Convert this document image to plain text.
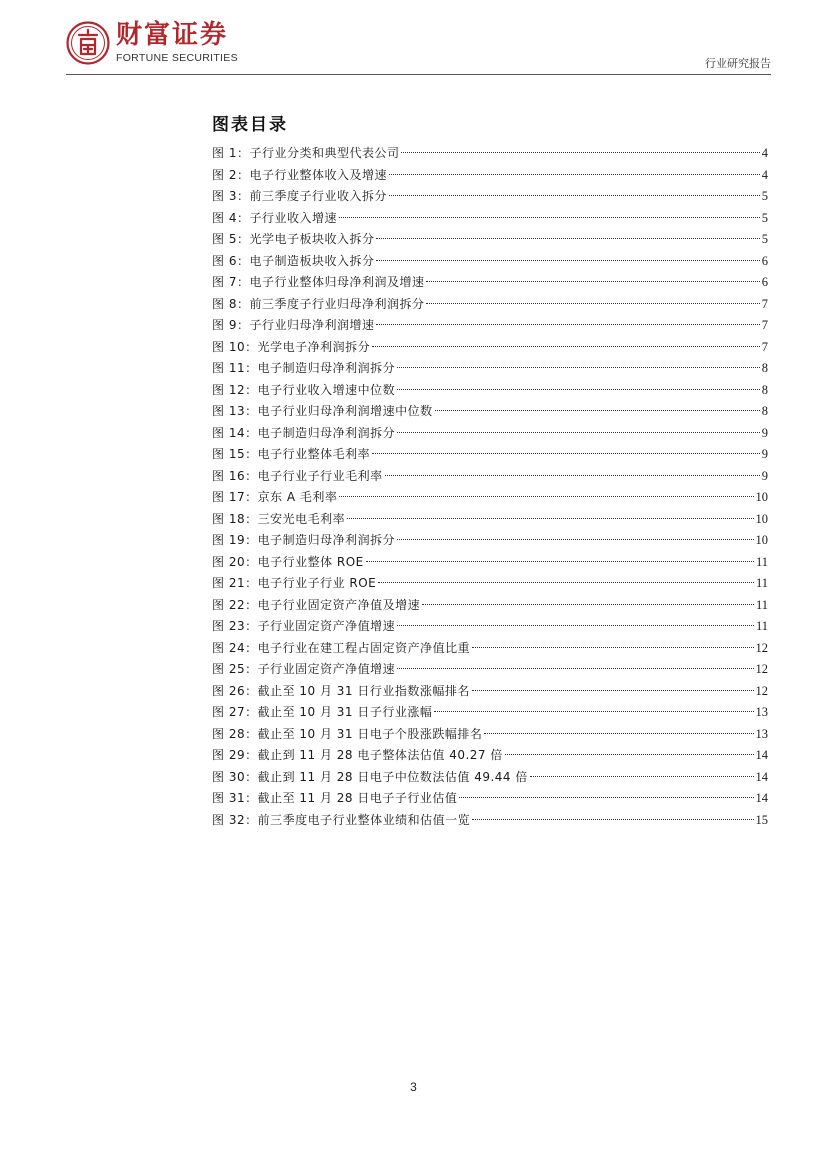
财富证券
FORTUNE SECURITIES	行业研究报告
图表目录
图 1：子行业分类和典型代表公司	4
图 2：电子行业整体收入及增速	4
图 3：前三季度子行业收入拆分	5
图 4：子行业收入增速	5
图 5：光学电子板块收入拆分	5
图 6：电子制造板块收入拆分	6
图 7：电子行业整体归母净利润及增速	6
图 8：前三季度子行业归母净利润拆分	7
图 9：子行业归母净利润增速	7
图 10：光学电子净利润拆分	7
图 11：电子制造归母净利润拆分	8
图 12：电子行业收入增速中位数	8
图 13：电子行业归母净利润增速中位数	8
图 14：电子制造归母净利润拆分	9
图 15：电子行业整体毛利率	9
图 16：电子行业子行业毛利率	9
图 17：京东 A 毛利率	10
图 18：三安光电毛利率	10
图 19：电子制造归母净利润拆分	10
图 20：电子行业整体 ROE	11
图 21：电子行业子行业 ROE	11
图 22：电子行业固定资产净值及增速	11
图 23：子行业固定资产净值增速	11
图 24：电子行业在建工程占固定资产净值比重	12
图 25：子行业固定资产净值增速	12
图 26：截止至 10 月 31 日行业指数涨幅排名	12
图 27：截止至 10 月 31 日子行业涨幅	13
图 28：截止至 10 月 31 日电子个股涨跌幅排名	13
图 29：截止到 11 月 28 电子整体法估值 40.27 倍	14
图 30：截止到 11 月 28 日电子中位数法估值 49.44 倍	14
图 31：截止至 11 月 28 日电子子行业估值	14
图 32：前三季度电子行业整体业绩和估值一览	15
3
